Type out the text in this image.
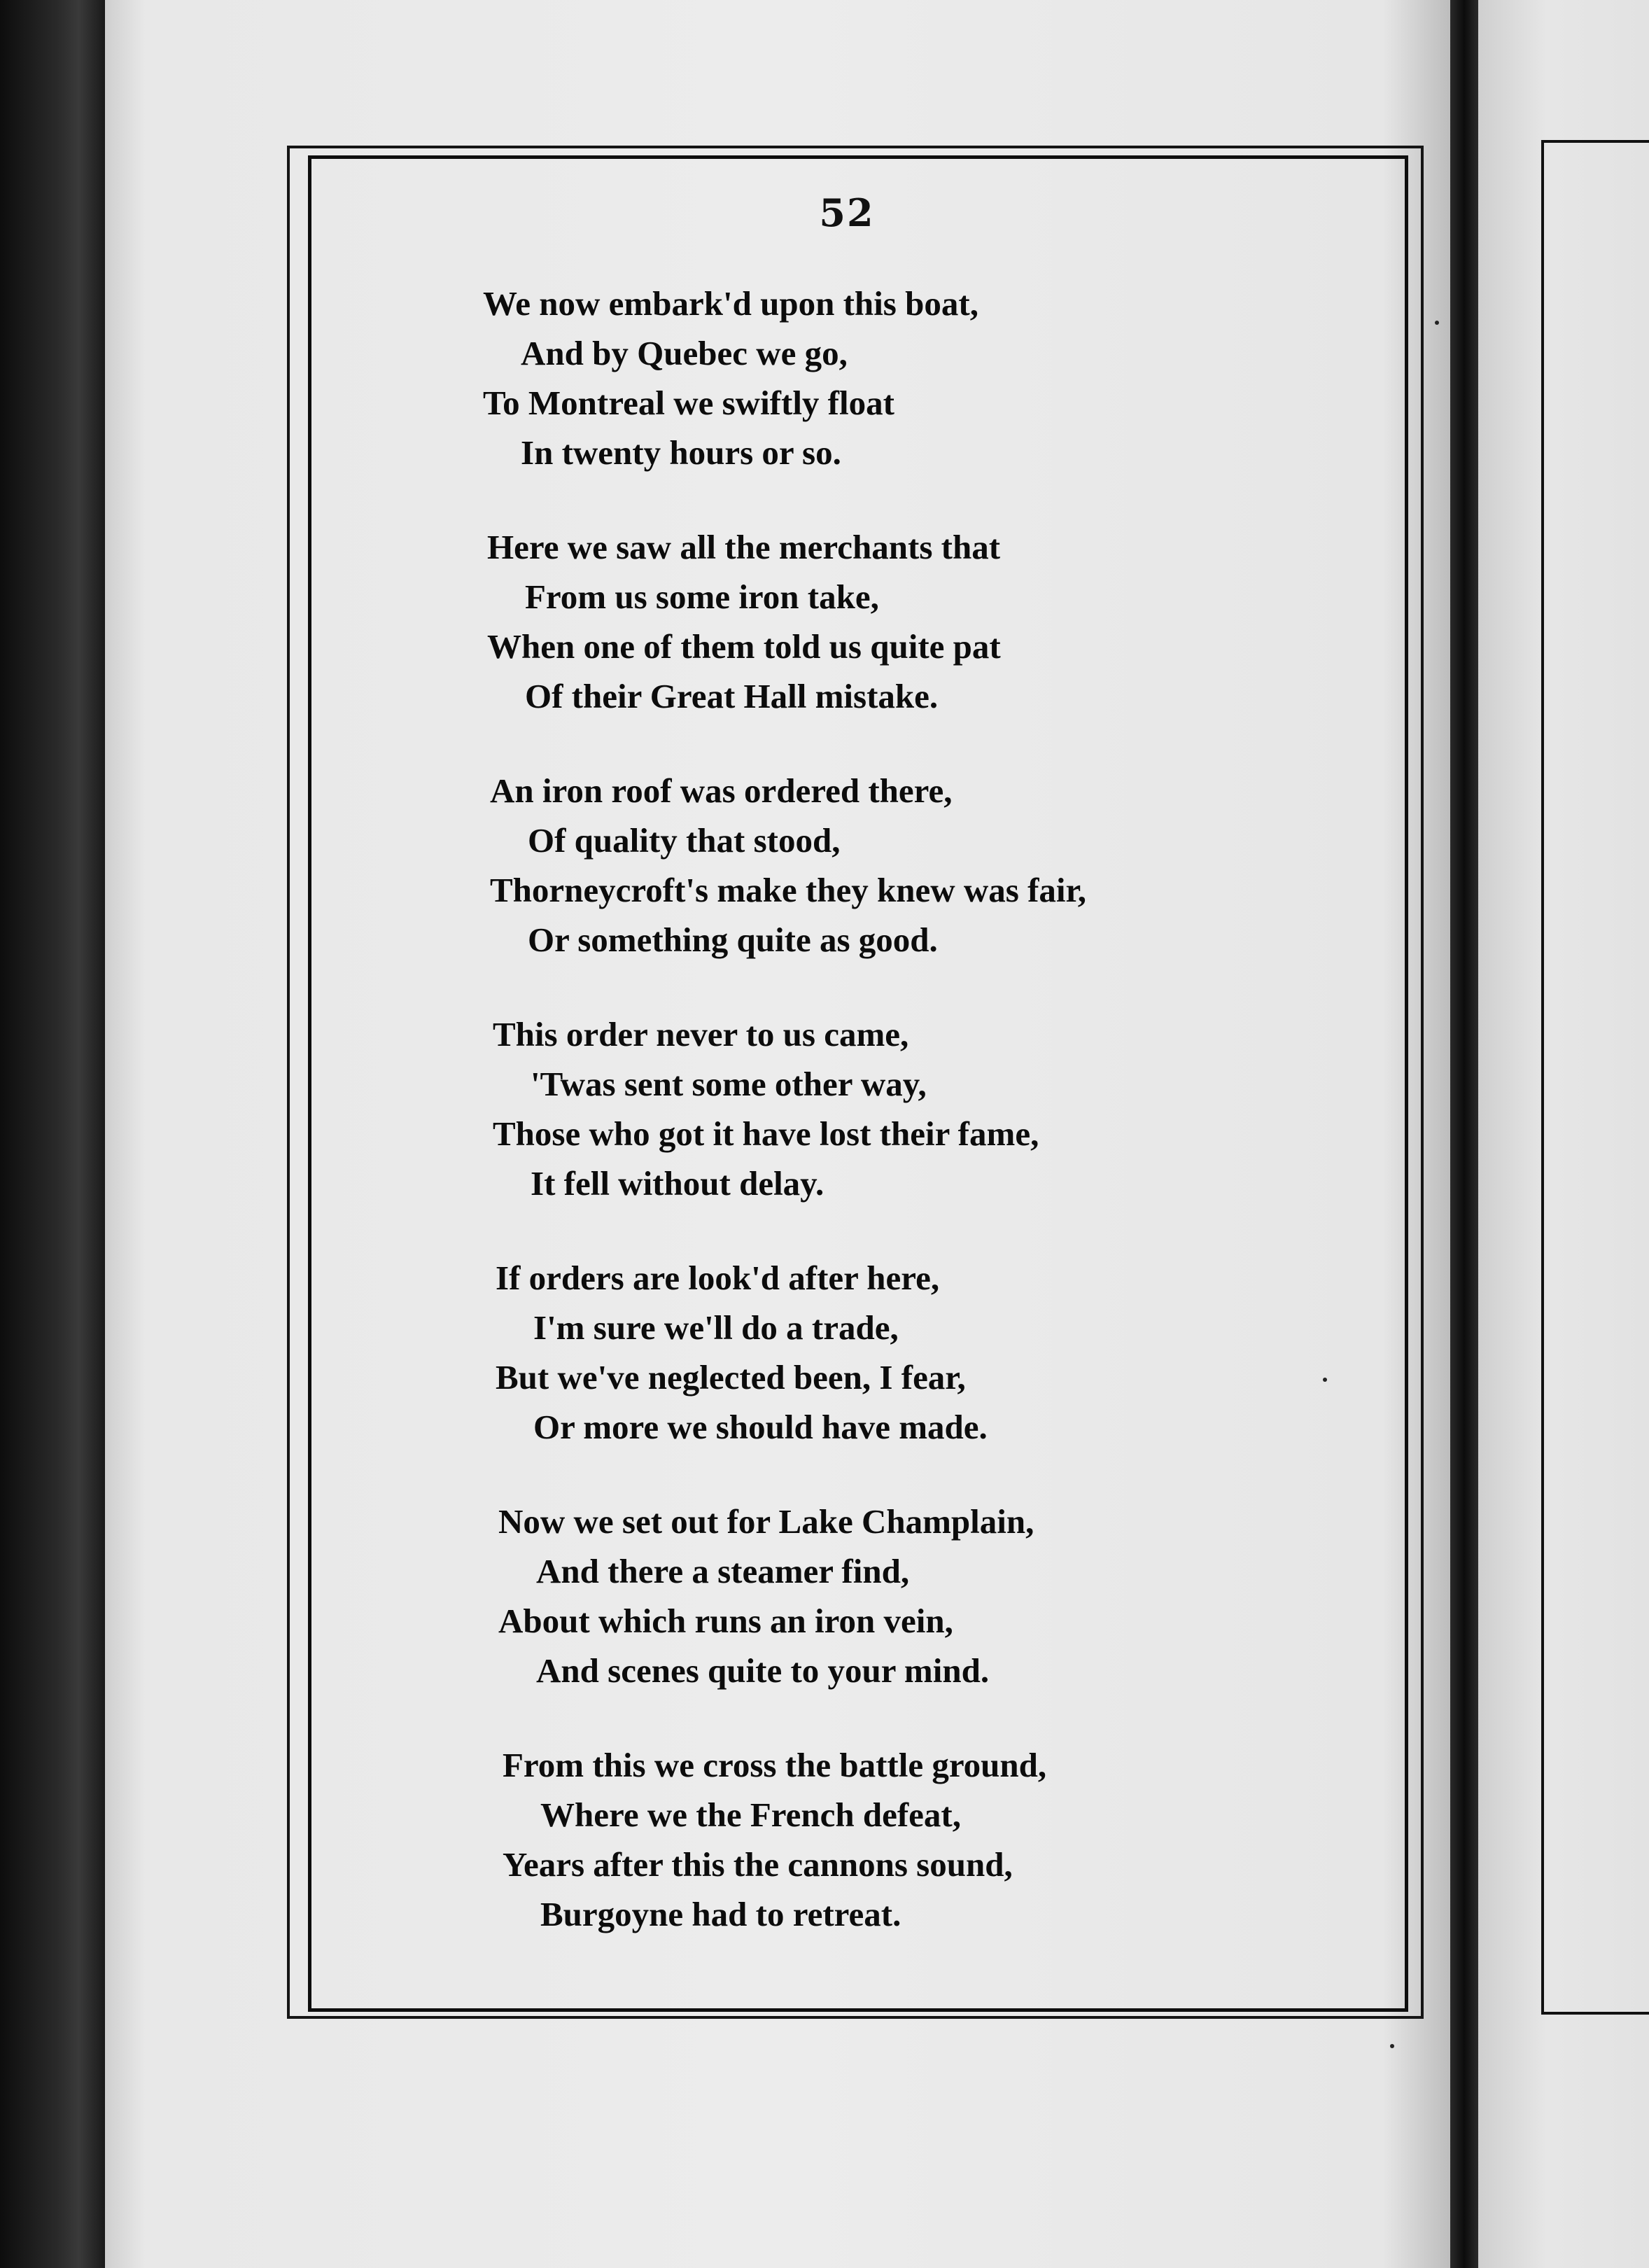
52
We now embark'd upon this boat,
And by Quebec we go,
To Montreal we swiftly float
In twenty hours or so.
Here we saw all the merchants that
From us some iron take,
When one of them told us quite pat
Of their Great Hall mistake.
An iron roof was ordered there,
Of quality that stood,
Thorneycroft's make they knew was fair,
Or something quite as good.
This order never to us came,
'Twas sent some other way,
Those who got it have lost their fame,
It fell without delay.
If orders are look'd after here,
I'm sure we'll do a trade,
But we've neglected been, I fear,
Or more we should have made.
Now we set out for Lake Champlain,
And there a steamer find,
About which runs an iron vein,
And scenes quite to your mind.
From this we cross the battle ground,
Where we the French defeat,
Years after this the cannons sound,
Burgoyne had to retreat.
